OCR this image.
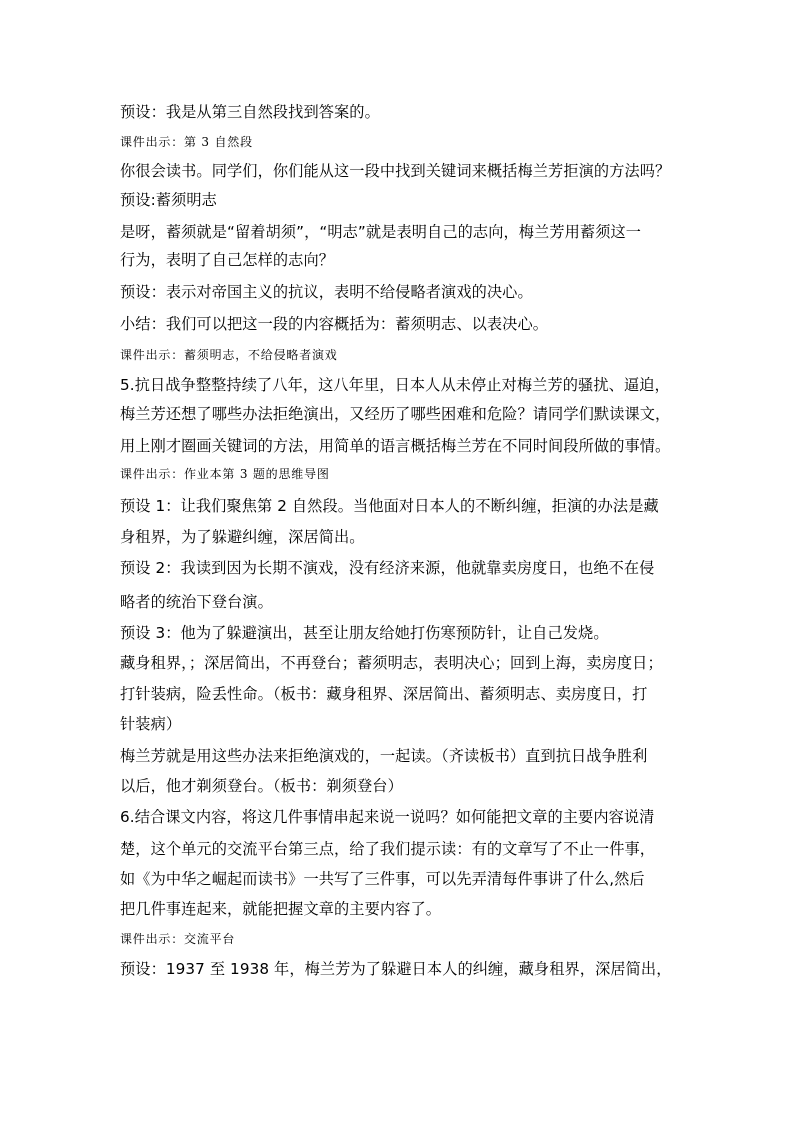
预设：我是从第三自然段找到答案的。
课件出示：第 3 自然段
你很会读书。同学们，你们能从这一段中找到关键词来概括梅兰芳拒演的方法吗？
预设:蓄须明志
是呀，蓄须就是“留着胡须”，“明志”就是表明自己的志向，梅兰芳用蓄须这一
行为，表明了自己怎样的志向？
预设：表示对帝国主义的抗议，表明不给侵略者演戏的决心。
小结：我们可以把这一段的内容概括为：蓄须明志、以表决心。
课件出示：蓄须明志，不给侵略者演戏
5.抗日战争整整持续了八年，这八年里，日本人从未停止对梅兰芳的骚扰、逼迫，
梅兰芳还想了哪些办法拒绝演出，又经历了哪些困难和危险？请同学们默读课文，
用上刚才圈画关键词的方法，用简单的语言概括梅兰芳在不同时间段所做的事情。
课件出示：作业本第 3 题的思维导图
预设 1：让我们聚焦第 2 自然段。当他面对日本人的不断纠缠，拒演的办法是藏
身租界，为了躲避纠缠，深居简出。
预设 2：我读到因为长期不演戏，没有经济来源，他就靠卖房度日，也绝不在侵
略者的统治下登台演。
预设 3：他为了躲避演出，甚至让朋友给她打伤寒预防针，让自己发烧。
藏身租界，；深居简出，不再登台；蓄须明志，表明决心；回到上海，卖房度日；
打针装病，险丢性命。（板书：藏身租界、深居简出、蓄须明志、卖房度日，打
针装病）
梅兰芳就是用这些办法来拒绝演戏的，一起读。（齐读板书）直到抗日战争胜利
以后，他才剃须登台。（板书：剃须登台）
6.结合课文内容，将这几件事情串起来说一说吗？如何能把文章的主要内容说清
楚，这个单元的交流平台第三点，给了我们提示读：有的文章写了不止一件事，
如《为中华之崛起而读书》一共写了三件事，可以先弄清每件事讲了什么,然后
把几件事连起来，就能把握文章的主要内容了。
课件出示：交流平台
预设：1937 至 1938 年，梅兰芳为了躲避日本人的纠缠，藏身租界，深居简出，
